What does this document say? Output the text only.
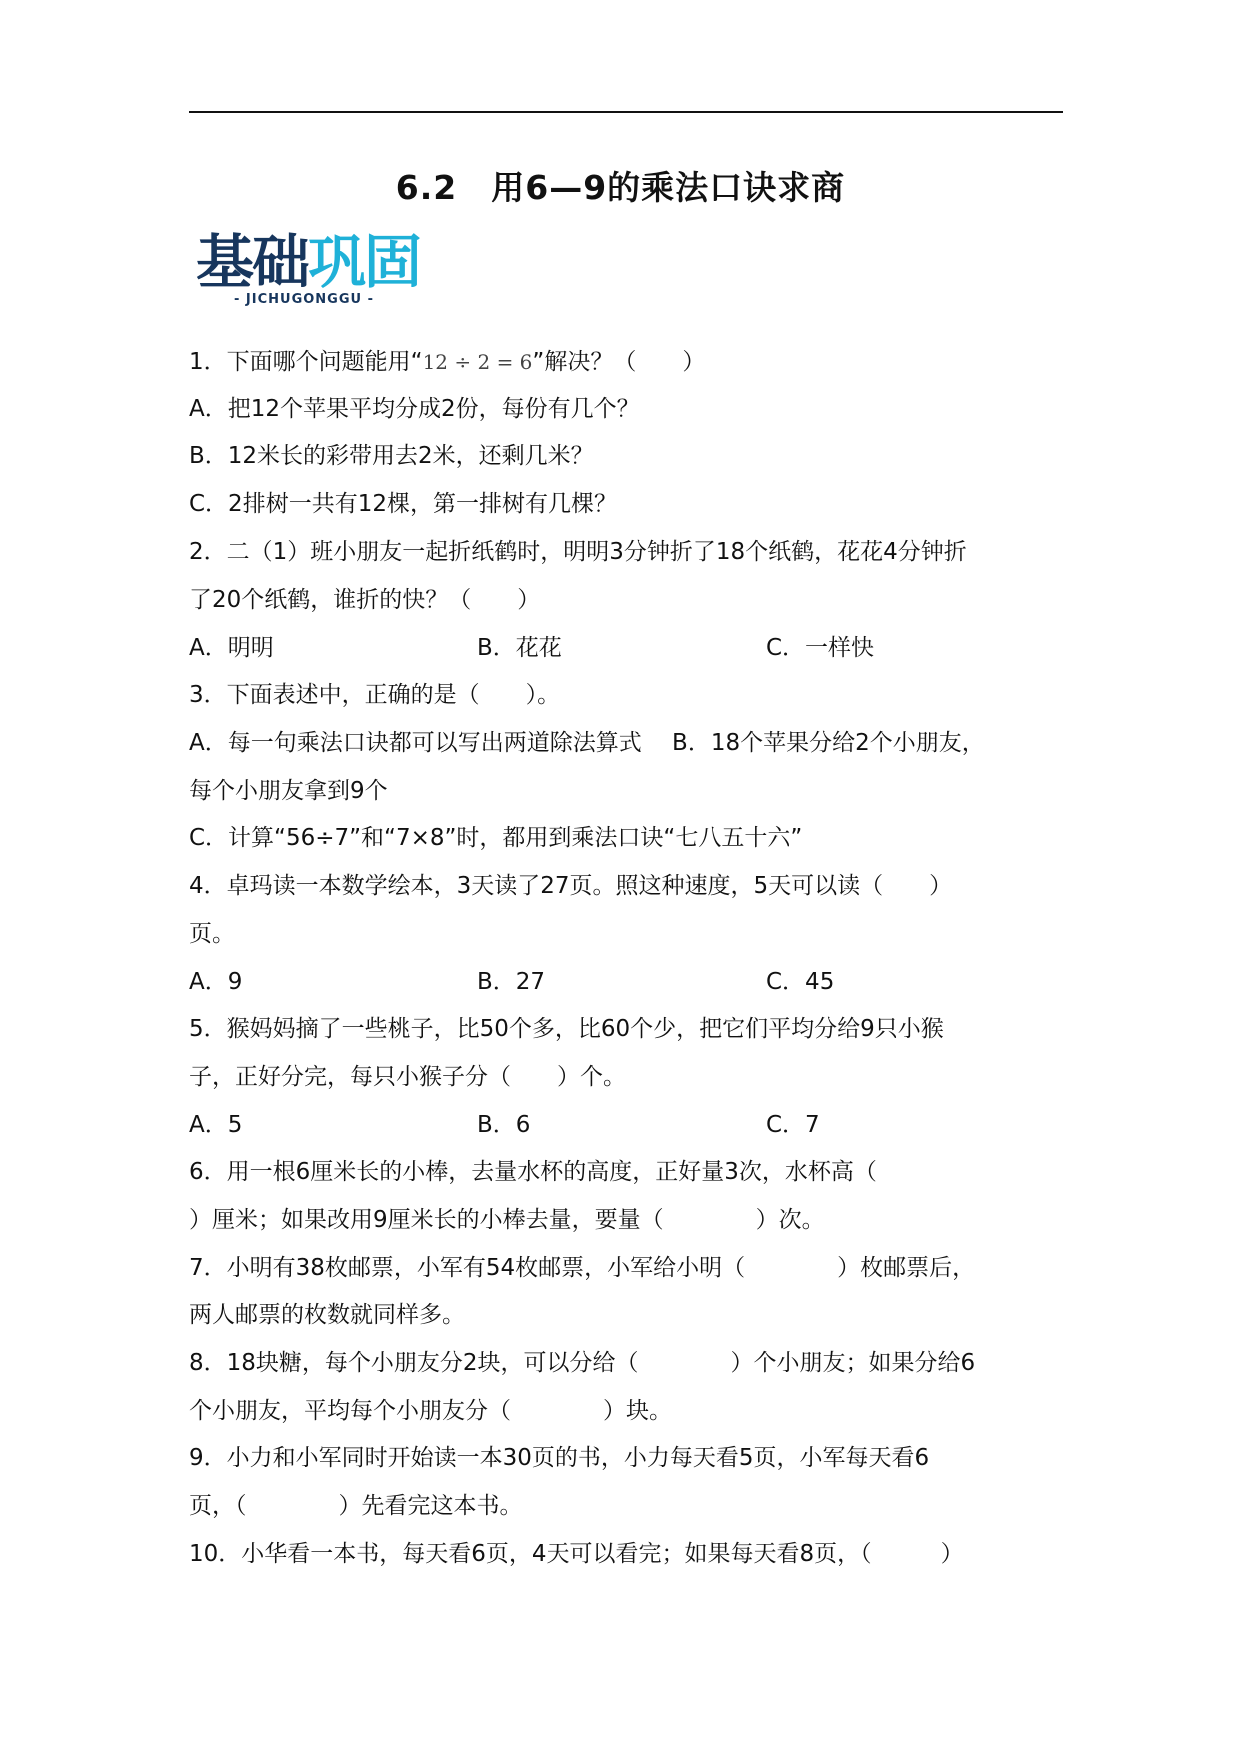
6.2　用6—9的乘法口诀求商
基础巩固
- JICHUGONGGU -
1．下面哪个问题能用“12 ÷ 2 = 6”解决？（　　）
A．把12个苹果平均分成2份，每份有几个？
B．12米长的彩带用去2米，还剩几米？
C．2排树一共有12棵，第一排树有几棵？
2．二（1）班小朋友一起折纸鹤时，明明3分钟折了18个纸鹤，花花4分钟折
了20个纸鹤，谁折的快？（　　）
A．明明	B．花花	C．一样快
3．下面表述中，正确的是（　　）。
A．每一句乘法口诀都可以写出两道除法算式　 B．18个苹果分给2个小朋友，
每个小朋友拿到9个
C．计算“56÷7”和“7×8”时，都用到乘法口诀“七八五十六”
4．卓玛读一本数学绘本，3天读了27页。照这种速度，5天可以读（　　）
页。
A．9	B．27	C．45
5．猴妈妈摘了一些桃子，比50个多，比60个少，把它们平均分给9只小猴
子，正好分完，每只小猴子分（　　）个。
A．5	B．6	C．7
6．用一根6厘米长的小棒，去量水杯的高度，正好量3次，水杯高（
）厘米；如果改用9厘米长的小棒去量，要量（　　　　）次。
7．小明有38枚邮票，小军有54枚邮票，小军给小明（　　　　）枚邮票后，
两人邮票的枚数就同样多。
8．18块糖，每个小朋友分2块，可以分给（　　　　）个小朋友；如果分给6
个小朋友，平均每个小朋友分（　　　　）块。
9．小力和小军同时开始读一本30页的书，小力每天看5页，小军每天看6
页，（　　　　）先看完这本书。
10．小华看一本书，每天看6页，4天可以看完；如果每天看8页，（　　　）
